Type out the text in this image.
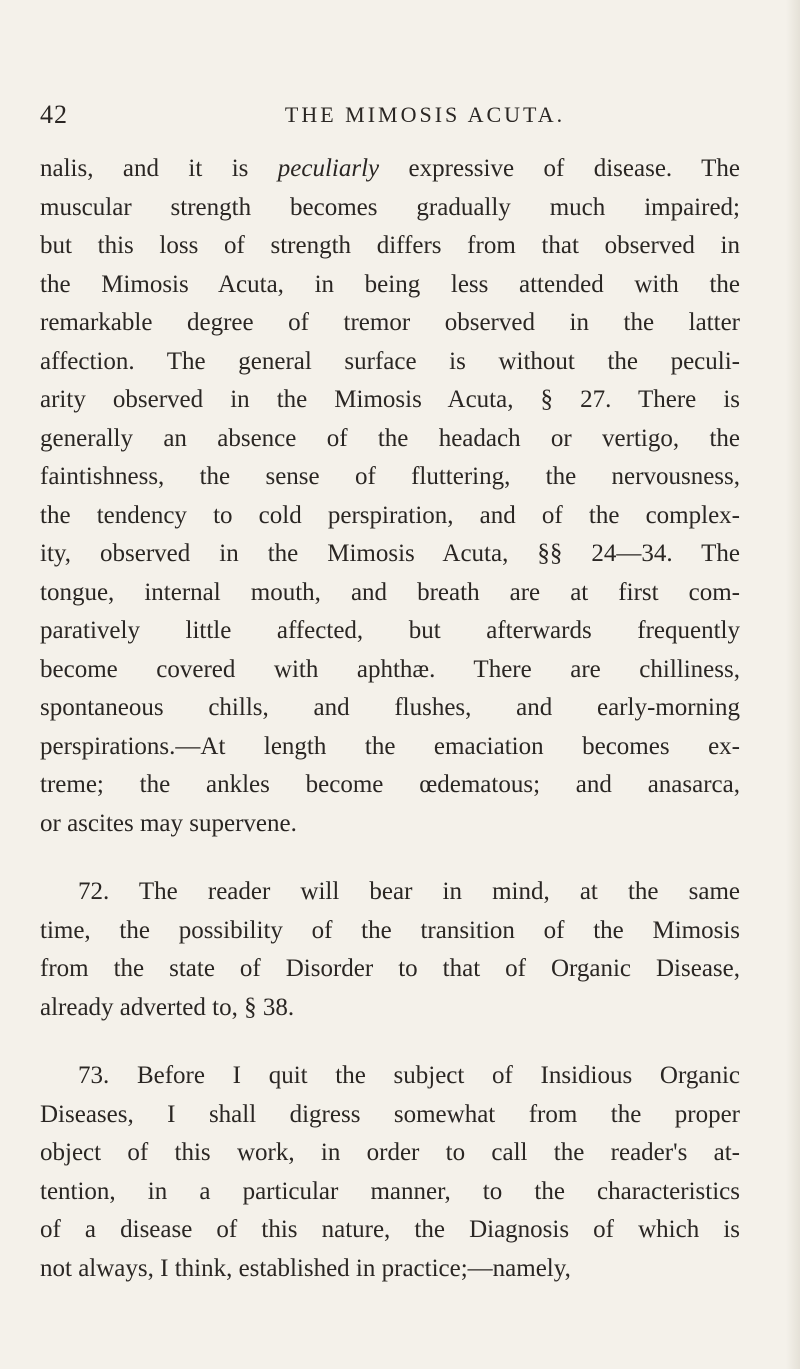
42	THE MIMOSIS ACUTA.
nalis, and it is peculiarly expressive of disease. The
muscular strength becomes gradually much impaired;
but this loss of strength differs from that observed in
the Mimosis Acuta, in being less attended with the
remarkable degree of tremor observed in the latter
affection. The general surface is without the peculi-
arity observed in the Mimosis Acuta, § 27. There is
generally an absence of the headach or vertigo, the
faintishness, the sense of fluttering, the nervousness,
the tendency to cold perspiration, and of the complex-
ity, observed in the Mimosis Acuta, §§ 24—34. The
tongue, internal mouth, and breath are at first com-
paratively little affected, but afterwards frequently
become covered with aphthæ. There are chilliness,
spontaneous chills, and flushes, and early-morning
perspirations.—At length the emaciation becomes ex-
treme; the ankles become œdematous; and anasarca,
or ascites may supervene.
72. The reader will bear in mind, at the same
time, the possibility of the transition of the Mimosis
from the state of Disorder to that of Organic Disease,
already adverted to, § 38.
73. Before I quit the subject of Insidious Organic
Diseases, I shall digress somewhat from the proper
object of this work, in order to call the reader's at-
tention, in a particular manner, to the characteristics
of a disease of this nature, the Diagnosis of which is
not always, I think, established in practice;—namely,
